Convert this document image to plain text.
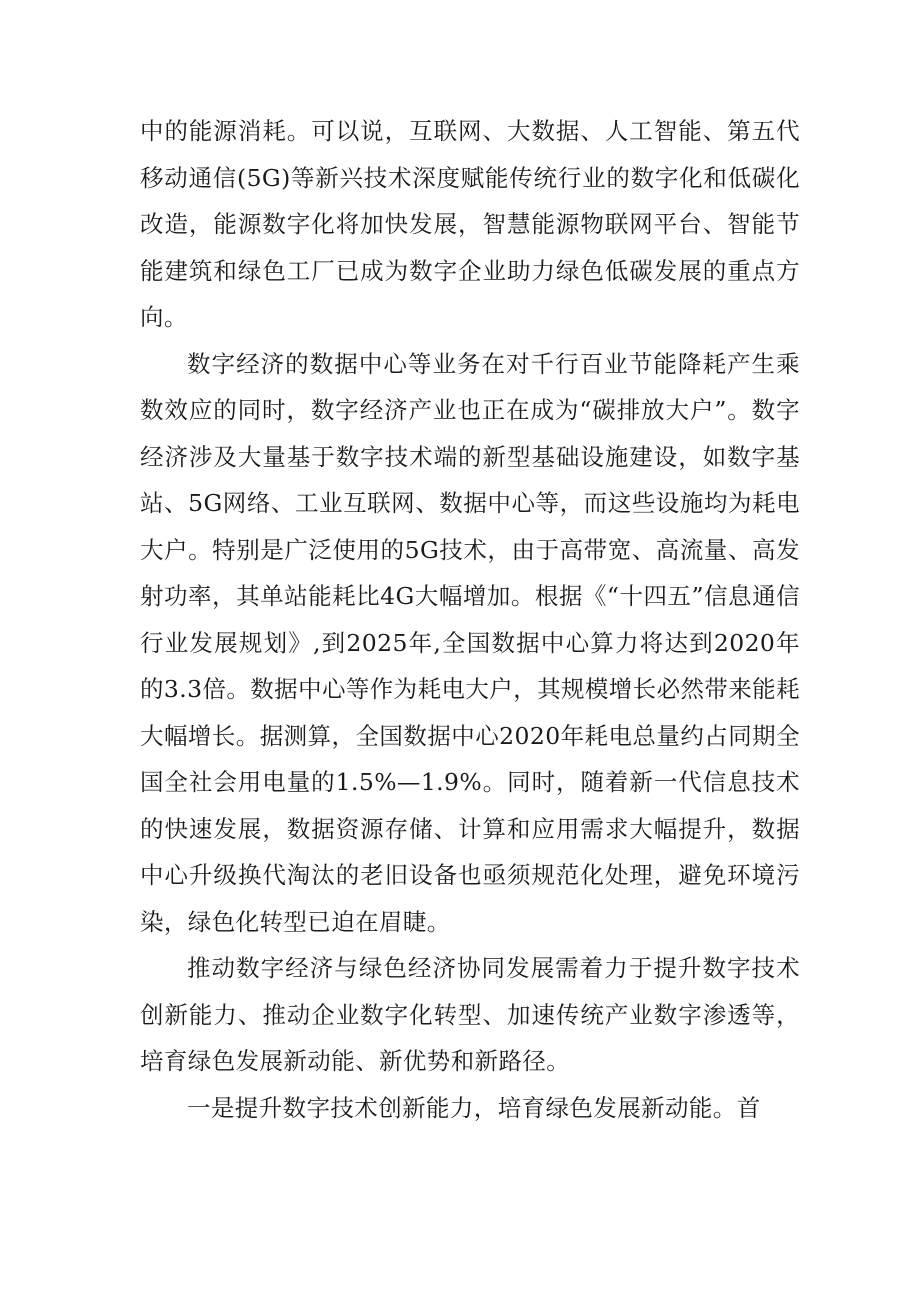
中的能源消耗。可以说，互联网、大数据、人工智能、第五代移动通信(5G)等新兴技术深度赋能传统行业的数字化和低碳化改造，能源数字化将加快发展，智慧能源物联网平台、智能节能建筑和绿色工厂已成为数字企业助力绿色低碳发展的重点方向。

数字经济的数据中心等业务在对千行百业节能降耗产生乘数效应的同时，数字经济产业也正在成为“碳排放大户”。数字经济涉及大量基于数字技术端的新型基础设施建设，如数字基站、5G网络、工业互联网、数据中心等，而这些设施均为耗电大户。特别是广泛使用的5G技术，由于高带宽、高流量、高发射功率，其单站能耗比4G大幅增加。根据《“十四五”信息通信行业发展规划》,到2025年,全国数据中心算力将达到2020年的3.3倍。数据中心等作为耗电大户，其规模增长必然带来能耗大幅增长。据测算，全国数据中心2020年耗电总量约占同期全国全社会用电量的1.5%—1.9%。同时，随着新一代信息技术的快速发展，数据资源存储、计算和应用需求大幅提升，数据中心升级换代淘汰的老旧设备也亟须规范化处理，避免环境污染，绿色化转型已迫在眉睫。

推动数字经济与绿色经济协同发展需着力于提升数字技术创新能力、推动企业数字化转型、加速传统产业数字渗透等，培育绿色发展新动能、新优势和新路径。

一是提升数字技术创新能力，培育绿色发展新动能。首
